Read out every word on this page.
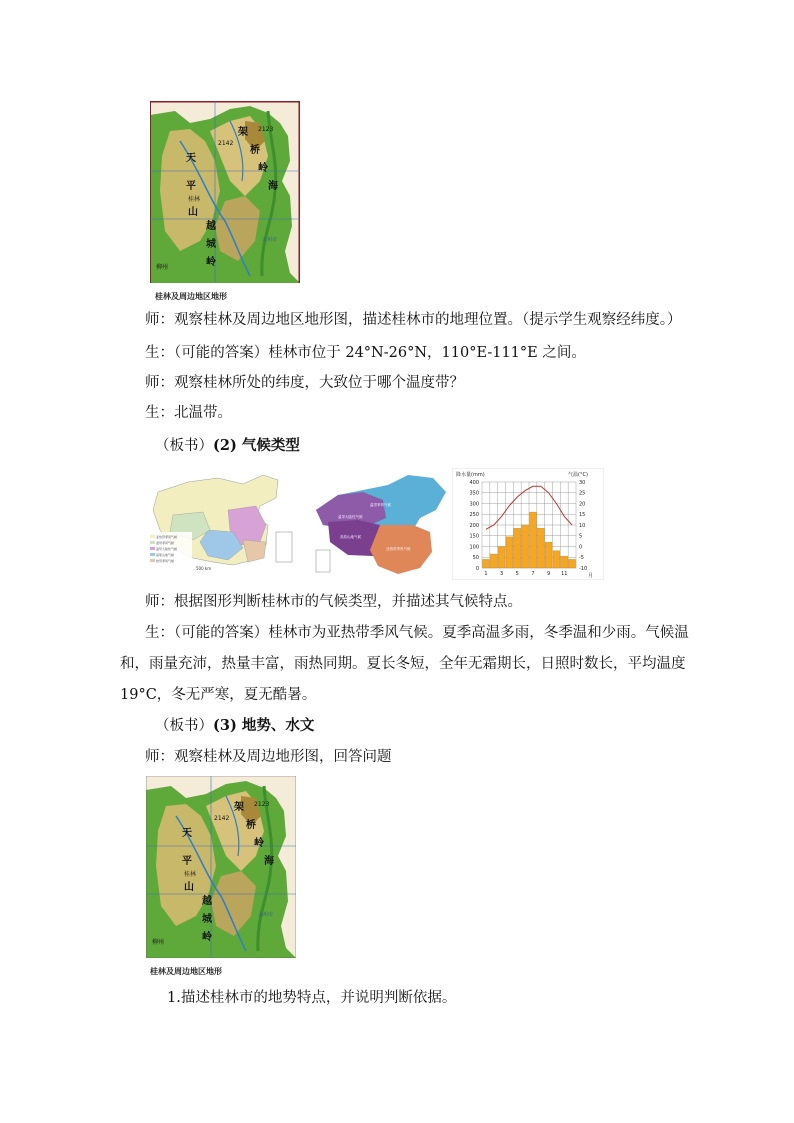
天
平
山
架
桥
岭
海
越
城
岭
桂林
2142
2123
柳州
永州市
桂林及周边地区地形
师：观察桂林及周边地区地形图，描述桂林市的地理位置。（提示学生观察经纬度。）
生：（可能的答案）桂林市位于 24°N-26°N，110°E-111°E 之间。
师：观察桂林所处的纬度，大致位于哪个温度带？
生：北温带。
（板书）(2) 气候类型
亚热带季风气候
温带季风气候
温带大陆性气候
高原山地气候
热带季风气候
500 km
温带季风气候
温带大陆性气候
高原山地气候
亚热带季风气候
降水量(mm)	气温(°C)
月
400	30
350	25
300	20
250	15
200	10
150	5
100	0
50	-5
0	-10
1 3 5 7 9 11
师：根据图形判断桂林市的气候类型，并描述其气候特点。
生：（可能的答案）桂林市为亚热带季风气候。夏季高温多雨，冬季温和少雨。气候温
和，雨量充沛，热量丰富，雨热同期。夏长冬短，全年无霜期长，日照时数长，平均温度
19°C，冬无严寒，夏无酷暑。
（板书）(3) 地势、水文
师：观察桂林及周边地形图，回答问题
天
平
山
架
桥
岭
海
越
城
岭
桂林
2142
2123
柳州
永州市
桂林及周边地区地形
1.描述桂林市的地势特点，并说明判断依据。
